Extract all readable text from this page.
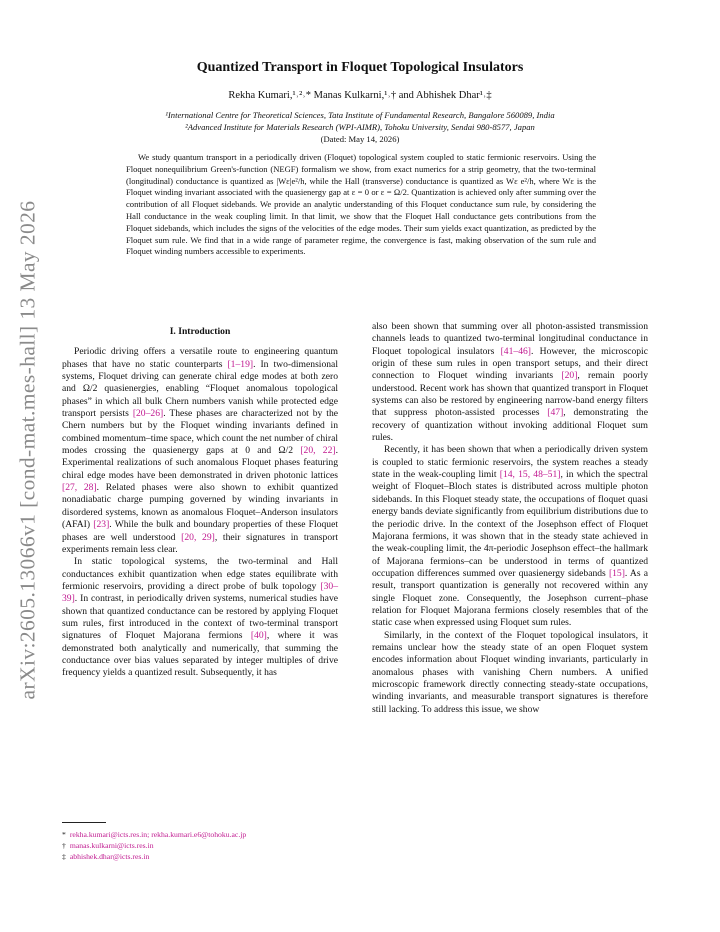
arXiv:2605.13066v1 [cond-mat.mes-hall] 13 May 2026
Quantized Transport in Floquet Topological Insulators
Rekha Kumari,¹˒²˒* Manas Kulkarni,¹˒† and Abhishek Dhar¹˒‡
¹International Centre for Theoretical Sciences, Tata Institute of Fundamental Research, Bangalore 560089, India
²Advanced Institute for Materials Research (WPI-AIMR), Tohoku University, Sendai 980-8577, Japan
(Dated: May 14, 2026)
We study quantum transport in a periodically driven (Floquet) topological system coupled to static fermionic reservoirs. Using the Floquet nonequilibrium Green's-function (NEGF) formalism we show, from exact numerics for a strip geometry, that the two-terminal (longitudinal) conductance is quantized as |Wε|e²/h, while the Hall (transverse) conductance is quantized as Wε e²/h, where Wε is the Floquet winding invariant associated with the quasienergy gap at ε = 0 or ε = Ω/2. Quantization is achieved only after summing over the contribution of all Floquet sidebands. We provide an analytic understanding of this Floquet conductance sum rule, by considering the Hall conductance in the weak coupling limit. In that limit, we show that the Floquet Hall conductance gets contributions from the Floquet sidebands, which includes the signs of the velocities of the edge modes. Their sum yields exact quantization, as predicted by the Floquet sum rule. We find that in a wide range of parameter regime, the convergence is fast, making observation of the sum rule and Floquet winding numbers accessible to experiments.
I. Introduction

Periodic driving offers a versatile route to engineering quantum phases that have no static counterparts [1–19]. In two-dimensional systems, Floquet driving can generate chiral edge modes at both zero and Ω/2 quasienergies, enabling “Floquet anomalous topological phases” in which all bulk Chern numbers vanish while protected edge transport persists [20–26]. These phases are characterized not by the Chern numbers but by the Floquet winding invariants defined in combined momentum–time space, which count the net number of chiral modes crossing the quasienergy gaps at 0 and Ω/2 [20, 22]. Experimental realizations of such anomalous Floquet phases featuring chiral edge modes have been demonstrated in driven photonic lattices [27, 28]. Related phases were also shown to exhibit quantized nonadiabatic charge pumping governed by winding invariants in disordered systems, known as anomalous Floquet–Anderson insulators (AFAI) [23]. While the bulk and boundary properties of these Floquet phases are well understood [20, 29], their signatures in transport experiments remain less clear.

In static topological systems, the two-terminal and Hall conductances exhibit quantization when edge states equilibrate with fermionic reservoirs, providing a direct probe of bulk topology [30–39]. In contrast, in periodically driven systems, numerical studies have shown that quantized conductance can be restored by applying Floquet sum rules, first introduced in the context of two-terminal transport signatures of Floquet Majorana fermions [40], where it was demonstrated both analytically and numerically, that summing the conductance over bias values separated by integer multiples of drive frequency yields a quantized result. Subsequently, it has

also been shown that summing over all photon-assisted transmission channels leads to quantized two-terminal longitudinal conductance in Floquet topological insulators [41–46]. However, the microscopic origin of these sum rules in open transport setups, and their direct connection to Floquet winding invariants [20], remain poorly understood. Recent work has shown that quantized transport in Floquet systems can also be restored by engineering narrow-band energy filters that suppress photon-assisted processes [47], demonstrating the recovery of quantization without invoking additional Floquet sum rules.

Recently, it has been shown that when a periodically driven system is coupled to static fermionic reservoirs, the system reaches a steady state in the weak-coupling limit [14, 15, 48–51], in which the spectral weight of Floquet–Bloch states is distributed across multiple photon sidebands. In this Floquet steady state, the occupations of floquet quasi energy bands deviate significantly from equilibrium distributions due to the periodic drive. In the context of the Josephson effect of Floquet Majorana fermions, it was shown that in the steady state achieved in the weak-coupling limit, the 4π-periodic Josephson effect–the hallmark of Majorana fermions–can be understood in terms of quantized occupation differences summed over quasienergy sidebands [15]. As a result, transport quantization is generally not recovered within any single Floquet zone. Consequently, the Josephson current–phase relation for Floquet Majorana fermions closely resembles that of the static case when expressed using Floquet sum rules.

Similarly, in the context of the Floquet topological insulators, it remains unclear how the steady state of an open Floquet system encodes information about Floquet winding invariants, particularly in anomalous phases with vanishing Chern numbers. A unified microscopic framework directly connecting steady-state occupations, winding invariants, and measurable transport signatures is therefore still lacking. To address this issue, we show

* rekha.kumari@icts.res.in; rekha.kumari.e6@tohoku.ac.jp
† manas.kulkarni@icts.res.in
‡ abhishek.dhar@icts.res.in
